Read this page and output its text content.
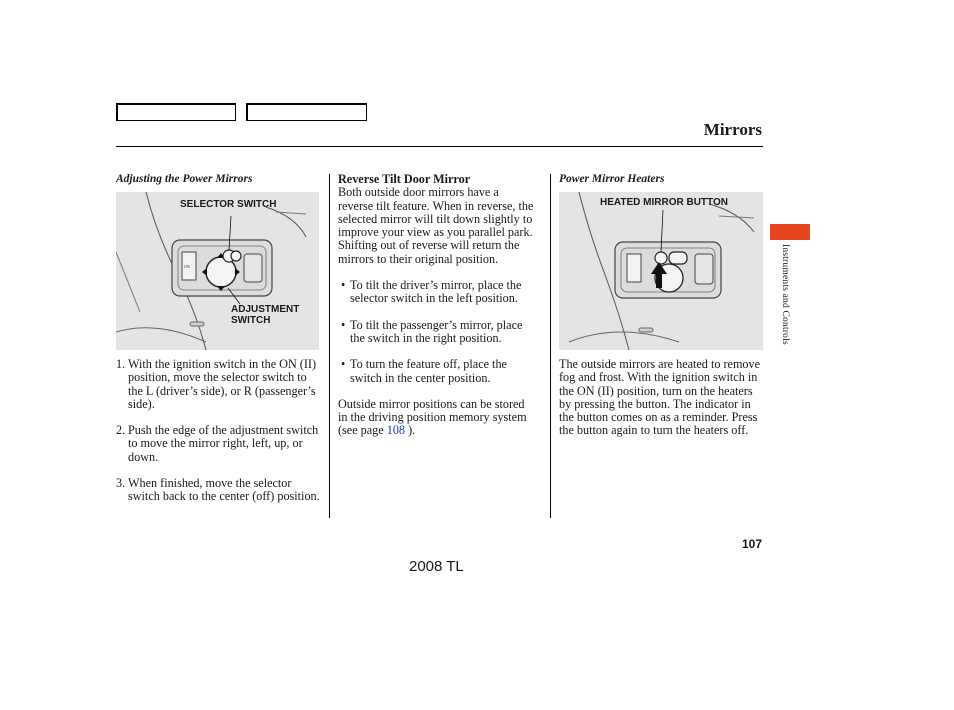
Mirrors
Adjusting the Power Mirrors
ON
SELECTOR SWITCH
ADJUSTMENT SWITCH
1. With the ignition switch in the ON (II) position, move the selector switch to the L (driver’s side), or R (passenger’s side).
2. Push the edge of the adjustment switch to move the mirror right, left, up, or down.
3. When finished, move the selector switch back to the center (off) position.
Reverse Tilt Door Mirror

Both outside door mirrors have a reverse tilt feature. When in reverse, the selected mirror will tilt down slightly to improve your view as you parallel park. Shifting out of reverse will return the mirrors to their original position.

• To tilt the driver’s mirror, place the selector switch in the left position.
• To tilt the passenger’s mirror, place the switch in the right position.
• To turn the feature off, place the switch in the center position.

Outside mirror positions can be stored in the driving position memory system (see page 108 ).

Power Mirror Heaters
HEATED MIRROR BUTTON

The outside mirrors are heated to remove fog and frost. With the ignition switch in the ON (II) position, turn on the heaters by pressing the button. The indicator in the button comes on as a reminder. Press the button again to turn the heaters off.

Instruments and Controls
107
2008 TL
